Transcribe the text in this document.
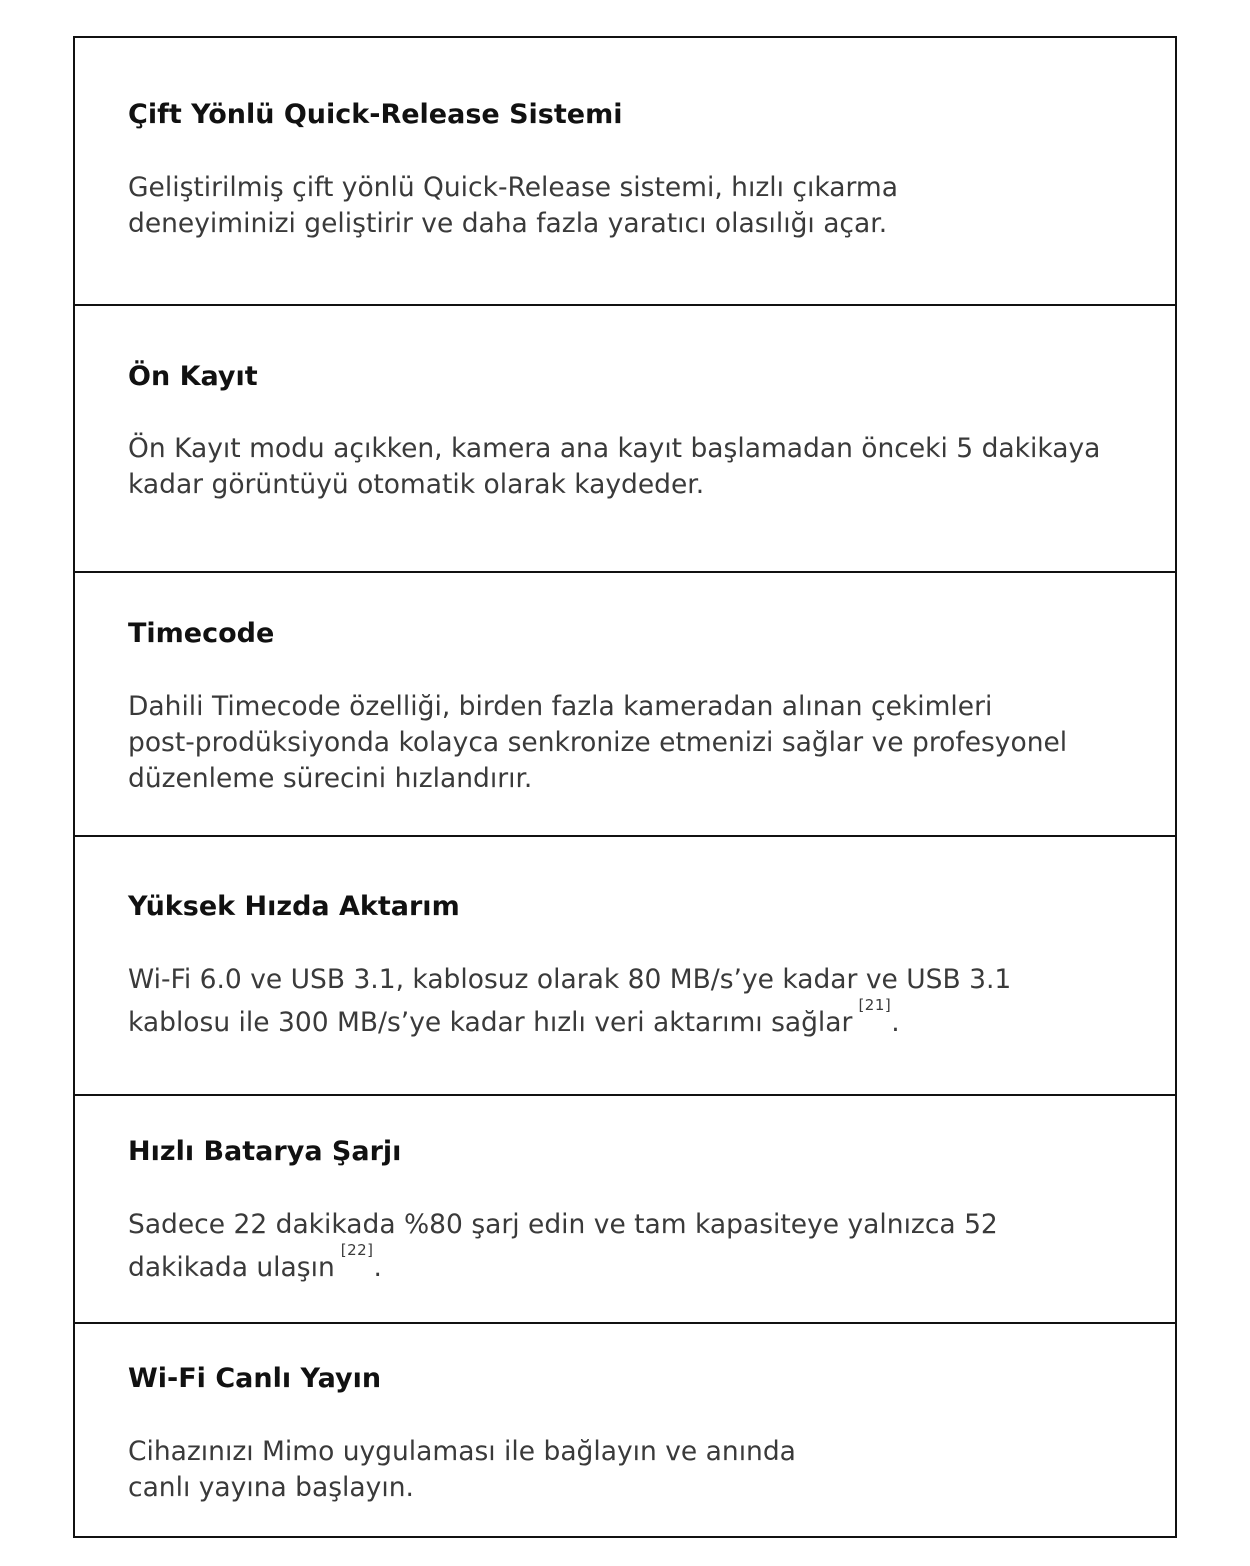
Çift Yönlü Quick-Release Sistemi

Geliştirilmiş çift yönlü Quick-Release sistemi, hızlı çıkarma
deneyiminizi geliştirir ve daha fazla yaratıcı olasılığı açar.

Ön Kayıt

Ön Kayıt modu açıkken, kamera ana kayıt başlamadan önceki 5 dakikaya
kadar görüntüyü otomatik olarak kaydeder.

Timecode

Dahili Timecode özelliği, birden fazla kameradan alınan çekimleri
post-prodüksiyonda kolayca senkronize etmenizi sağlar ve profesyonel
düzenleme sürecini hızlandırır.

Yüksek Hızda Aktarım

Wi-Fi 6.0 ve USB 3.1, kablosuz olarak 80 MB/s’ye kadar ve USB 3.1
kablosu ile 300 MB/s’ye kadar hızlı veri aktarımı sağlar[21].

Hızlı Batarya Şarjı

Sadece 22 dakikada %80 şarj edin ve tam kapasiteye yalnızca 52
dakikada ulaşın[22].

Wi-Fi Canlı Yayın

Cihazınızı Mimo uygulaması ile bağlayın ve anında
canlı yayına başlayın.
